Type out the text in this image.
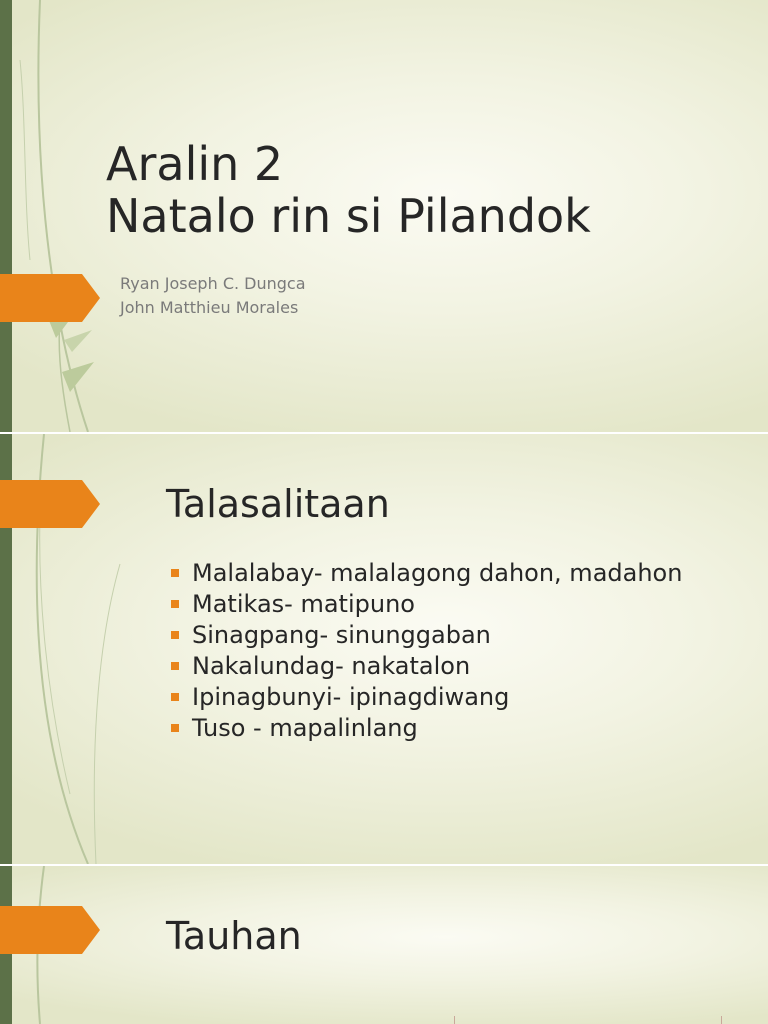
Aralin 2
Natalo rin si Pilandok
Ryan Joseph C. Dungca
John Matthieu Morales
Talasalitaan
Malalabay- malalagong dahon, madahon
Matikas- matipuno
Sinagpang- sinunggaban
Nakalundag- nakatalon
Ipinagbunyi- ipinagdiwang
Tuso - mapalinlang
Tauhan
